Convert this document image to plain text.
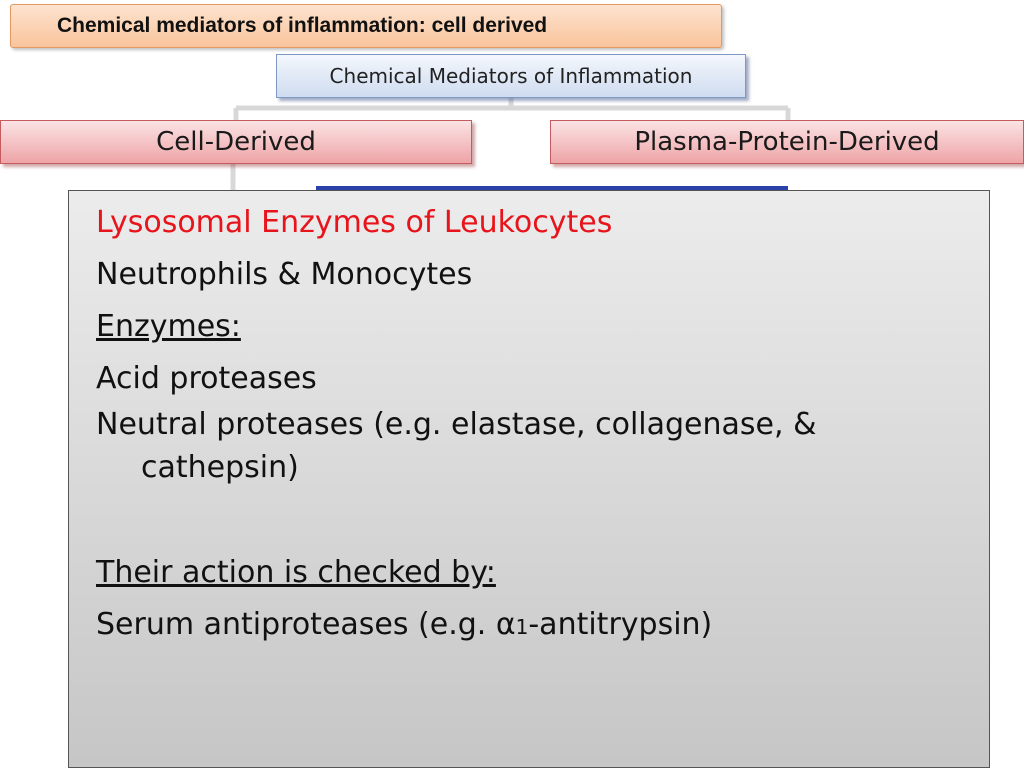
Chemical mediators of inflammation: cell derived
Chemical Mediators of Inflammation
Cell-Derived	Plasma-Protein-Derived

Lysosomal Enzymes of Leukocytes

Neutrophils & Monocytes

Enzymes:

Acid proteases

Neutral proteases (e.g. elastase, collagenase, &

cathepsin)

Their action is checked by:

Serum antiproteases (e.g. α1-antitrypsin)
